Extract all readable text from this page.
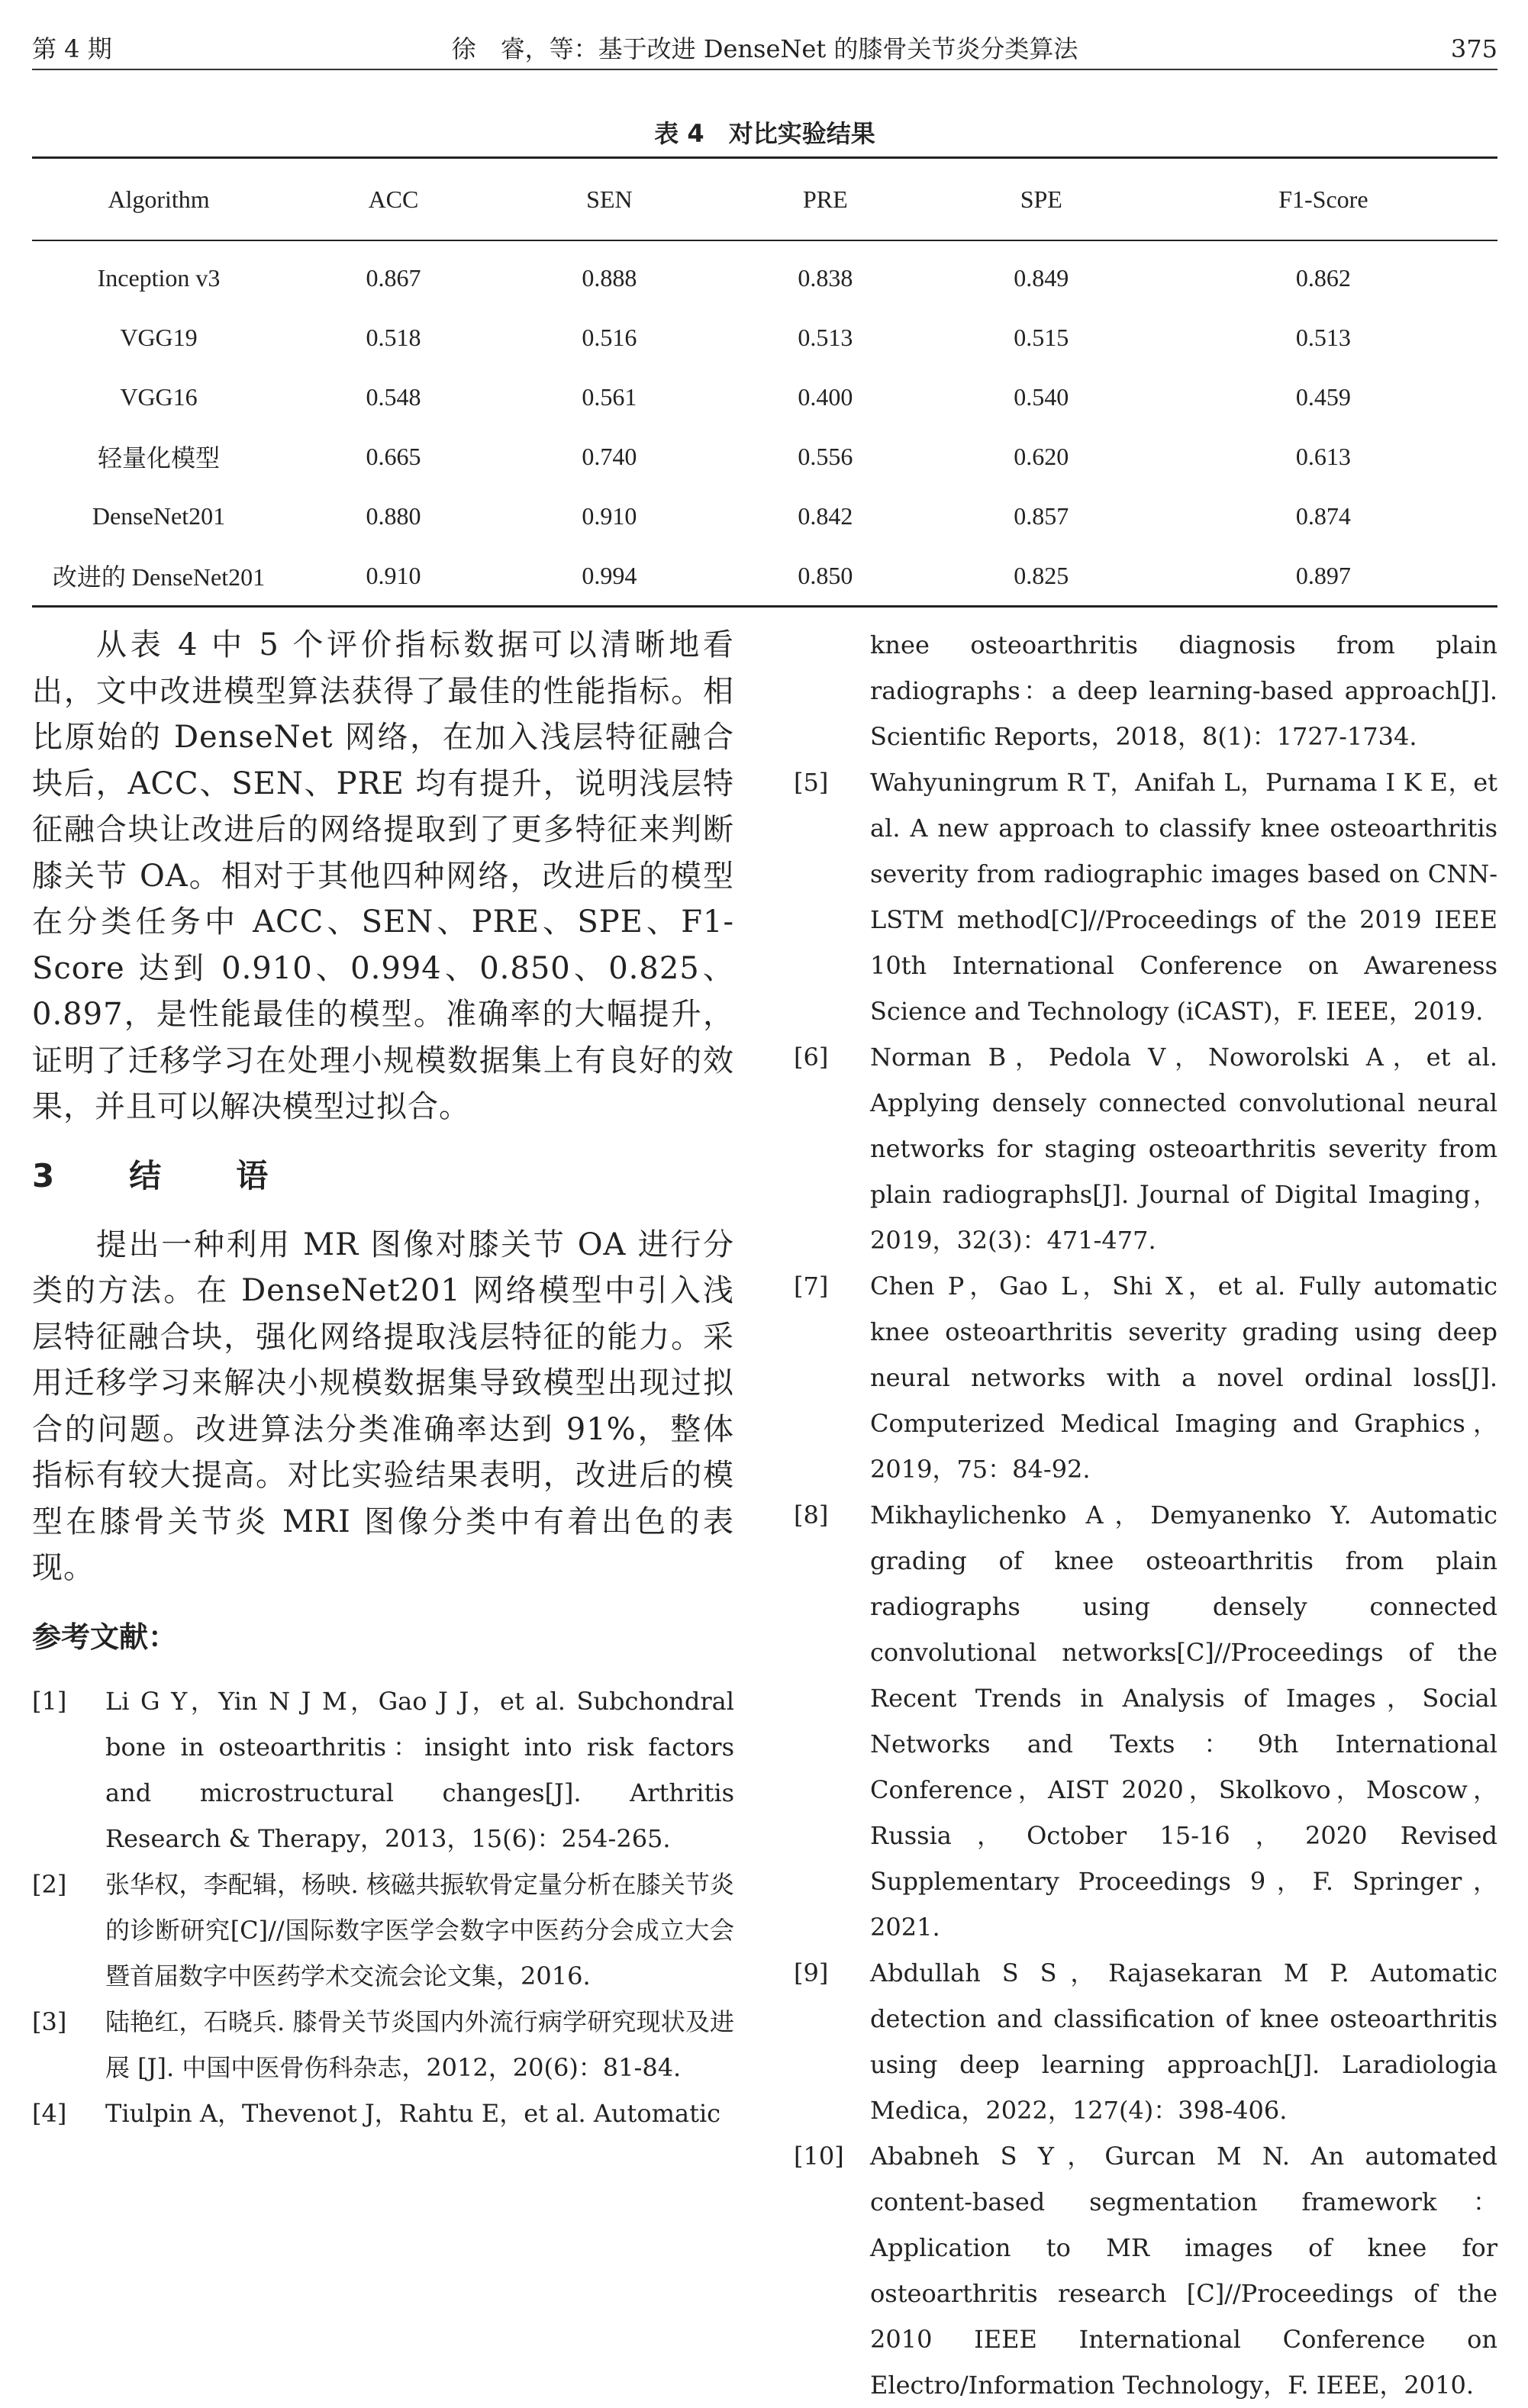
第 4 期	徐　睿，等：基于改进 DenseNet 的膝骨关节炎分类算法	375
表 4　对比实验结果
Algorithm	ACC	SEN	PRE	SPE	F1-Score
Inception v3	0.867	0.888	0.838	0.849	0.862
VGG19	0.518	0.516	0.513	0.515	0.513
VGG16	0.548	0.561	0.400	0.540	0.459
轻量化模型	0.665	0.740	0.556	0.620	0.613
DenseNet201	0.880	0.910	0.842	0.857	0.874
改进的 DenseNet201	0.910	0.994	0.850	0.825	0.897

从表 4 中 5 个评价指标数据可以清晰地看出，文中改进模型算法获得了最佳的性能指标。相比原始的 DenseNet 网络，在加入浅层特征融合块后，ACC、SEN、PRE 均有提升，说明浅层特征融合块让改进后的网络提取到了更多特征来判断膝关节 OA。相对于其他四种网络，改进后的模型在分类任务中 ACC、SEN、PRE、SPE、F1-Score 达到 0.910、0.994、0.850、0.825、0.897，是性能最佳的模型。准确率的大幅提升，证明了迁移学习在处理小规模数据集上有良好的效果，并且可以解决模型过拟合。

3　结　语

提出一种利用 MR 图像对膝关节 OA 进行分类的方法。在 DenseNet201 网络模型中引入浅层特征融合块，强化网络提取浅层特征的能力。采用迁移学习来解决小规模数据集导致模型出现过拟合的问题。改进算法分类准确率达到 91%，整体指标有较大提高。对比实验结果表明，改进后的模型在膝骨关节炎 MRI 图像分类中有着出色的表现。

参考文献：
[1] Li G Y，Yin N J M，Gao J J，et al. Subchondral bone in osteoarthritis：insight into risk factors and microstructural changes[J]. Arthritis Research & Therapy，2013，15(6)：254-265.
[2] 张华权，李配辑，杨映. 核磁共振软骨定量分析在膝关节炎的诊断研究[C]//国际数字医学会数字中医药分会成立大会暨首届数字中医药学术交流会论文集，2016.
[3] 陆艳红，石晓兵. 膝骨关节炎国内外流行病学研究现状及进展 [J]. 中国中医骨伤科杂志，2012，20(6)：81-84.
[4] Tiulpin A，Thevenot J，Rahtu E，et al. Automatic
knee osteoarthritis diagnosis from plain radiographs：a deep learning-based approach[J]. Scientific Reports，2018，8(1)：1727-1734.
[5] Wahyuningrum R T，Anifah L，Purnama I K E，et al. A new approach to classify knee osteoarthritis severity from radiographic images based on CNN-LSTM method[C]//Proceedings of the 2019 IEEE 10th International Conference on Awareness Science and Technology (iCAST)，F. IEEE，2019.
[6] Norman B，Pedola V，Noworolski A，et al. Applying densely connected convolutional neural networks for staging osteoarthritis severity from plain radiographs[J]. Journal of Digital Imaging，2019，32(3)：471-477.
[7] Chen P，Gao L，Shi X，et al. Fully automatic knee osteoarthritis severity grading using deep neural networks with a novel ordinal loss[J]. Computerized Medical Imaging and Graphics，2019，75：84-92.
[8] Mikhaylichenko A，Demyanenko Y. Automatic grading of knee osteoarthritis from plain radiographs using densely connected convolutional networks[C]//Proceedings of the Recent Trends in Analysis of Images，Social Networks and Texts：9th International Conference，AIST 2020，Skolkovo，Moscow，Russia，October 15-16，2020 Revised Supplementary Proceedings 9，F. Springer，2021.
[9] Abdullah S S，Rajasekaran M P. Automatic detection and classification of knee osteoarthritis using deep learning approach[J]. Laradiologia Medica，2022，127(4)：398-406.
[10] Ababneh S Y，Gurcan M N. An automated content-based segmentation framework：Application to MR images of knee for osteoarthritis research [C]//Proceedings of the 2010 IEEE International Conference on Electro/Information Technology，F. IEEE，2010.
